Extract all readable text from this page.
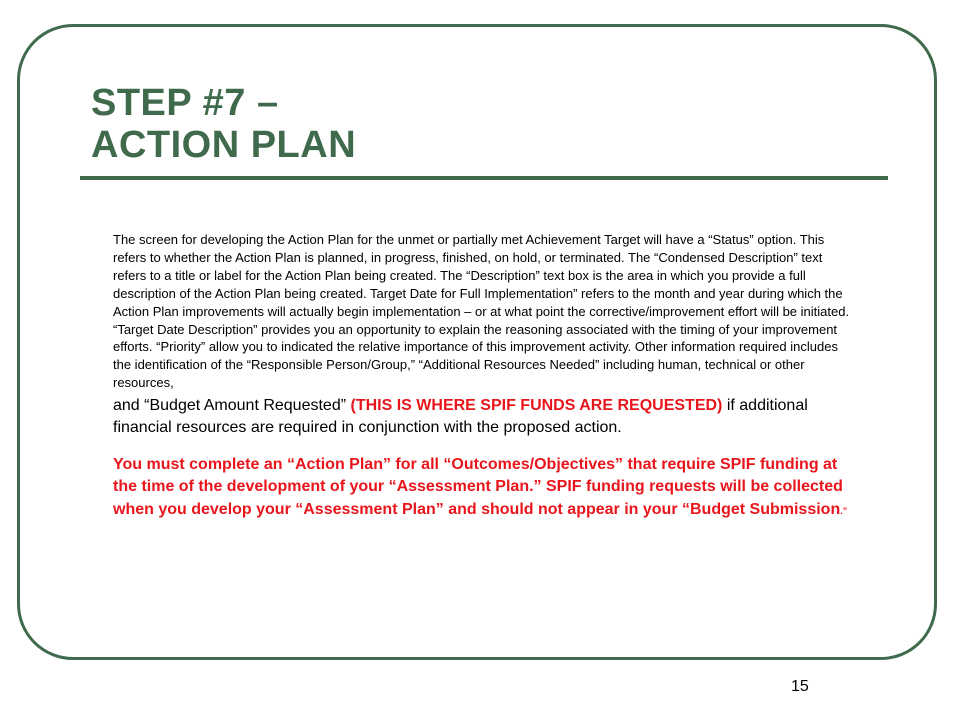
STEP #7 –
ACTION PLAN

The screen for developing the Action Plan for the unmet or partially met Achievement Target will have a “Status” option. This refers to whether the Action Plan is planned, in progress, finished, on hold, or terminated. The “Condensed Description” text refers to a title or label for the Action Plan being created. The “Description” text box is the area in which you provide a full description of the Action Plan being created. Target Date for Full Implementation” refers to the month and year during which the Action Plan improvements will actually begin implementation – or at what point the corrective/improvement effort will be initiated. “Target Date Description” provides you an opportunity to explain the reasoning associated with the timing of your improvement efforts. “Priority” allow you to indicated the relative importance of this improvement activity. Other information required includes the identification of the “Responsible Person/Group,” “Additional Resources Needed” including human, technical or other resources,

and “Budget Amount Requested” (THIS IS WHERE SPIF FUNDS ARE REQUESTED) if additional financial resources are required in conjunction with the proposed action.

You must complete an “Action Plan” for all “Outcomes/Objectives” that require SPIF funding at the time of the development of your “Assessment Plan.” SPIF funding requests will be collected when you develop your “Assessment Plan” and should not appear in your “Budget Submission.”

15
